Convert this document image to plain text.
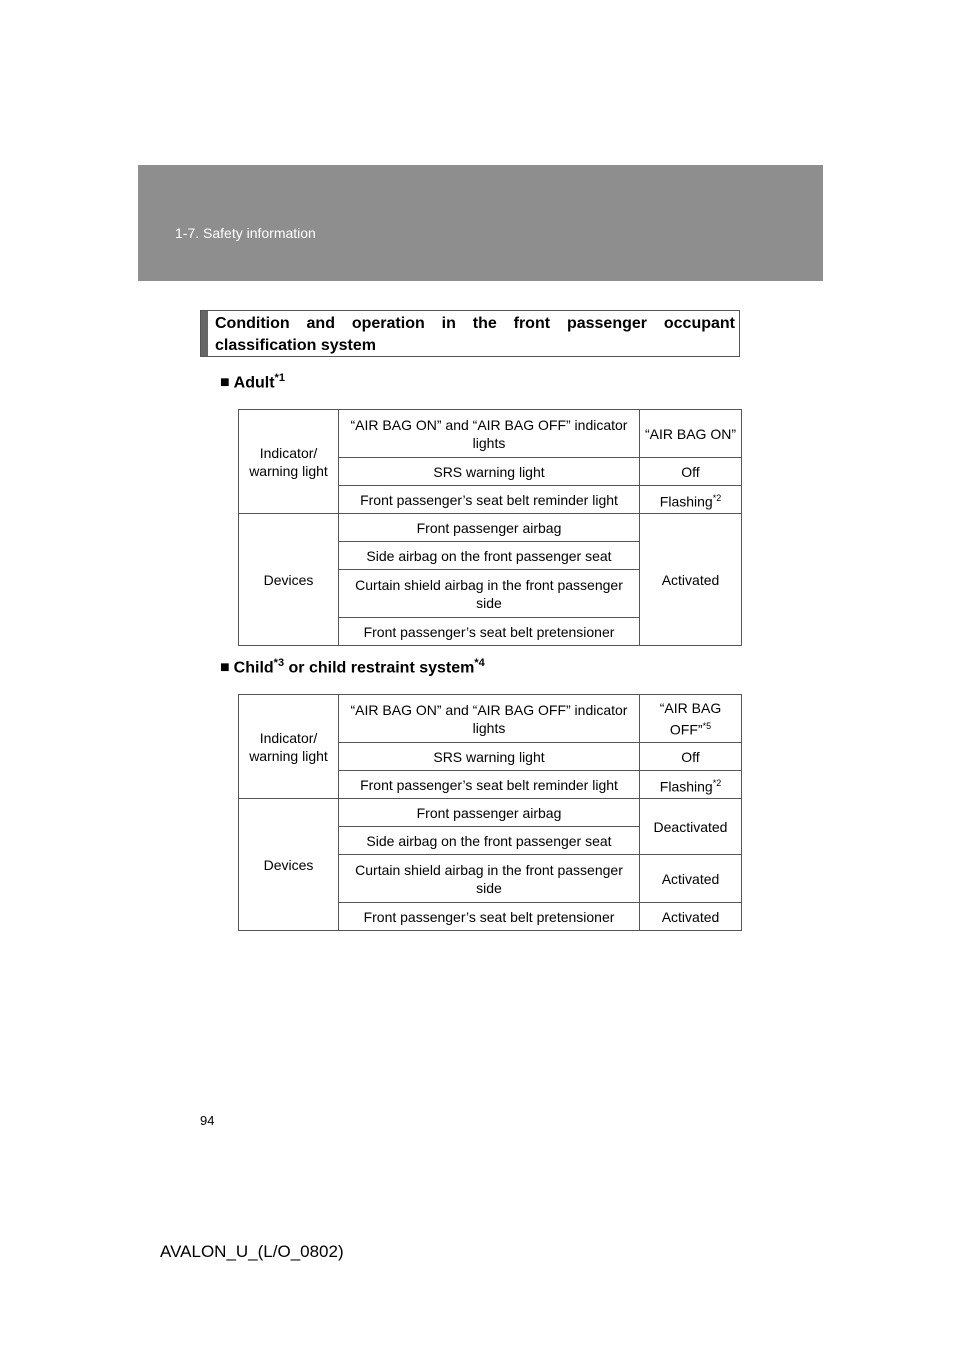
1-7. Safety information
Condition and operation in the front passenger occupant classification system
■ Adult$^{*1}$
Indicator/ warning light	“AIR BAG ON” and “AIR BAG OFF” indicator lights	“AIR BAG ON”
	SRS warning light	Off
	Front passenger’s seat belt reminder light	Flashing$^{*2}$
Devices	Front passenger airbag	Activated
	Side airbag on the front passenger seat	
	Curtain shield airbag in the front passenger side	
	Front passenger’s seat belt pretensioner	
■ Child$^{*3}$ or child restraint system$^{*4}$
Indicator/ warning light	“AIR BAG ON” and “AIR BAG OFF” indicator lights	“AIR BAG OFF”$^{*5}$
	SRS warning light	Off
	Front passenger’s seat belt reminder light	Flashing$^{*2}$
Devices	Front passenger airbag	Deactivated
	Side airbag on the front passenger seat	
	Curtain shield airbag in the front passenger side	Activated
	Front passenger’s seat belt pretensioner	Activated
94
AVALON_U_(L/O_0802)
